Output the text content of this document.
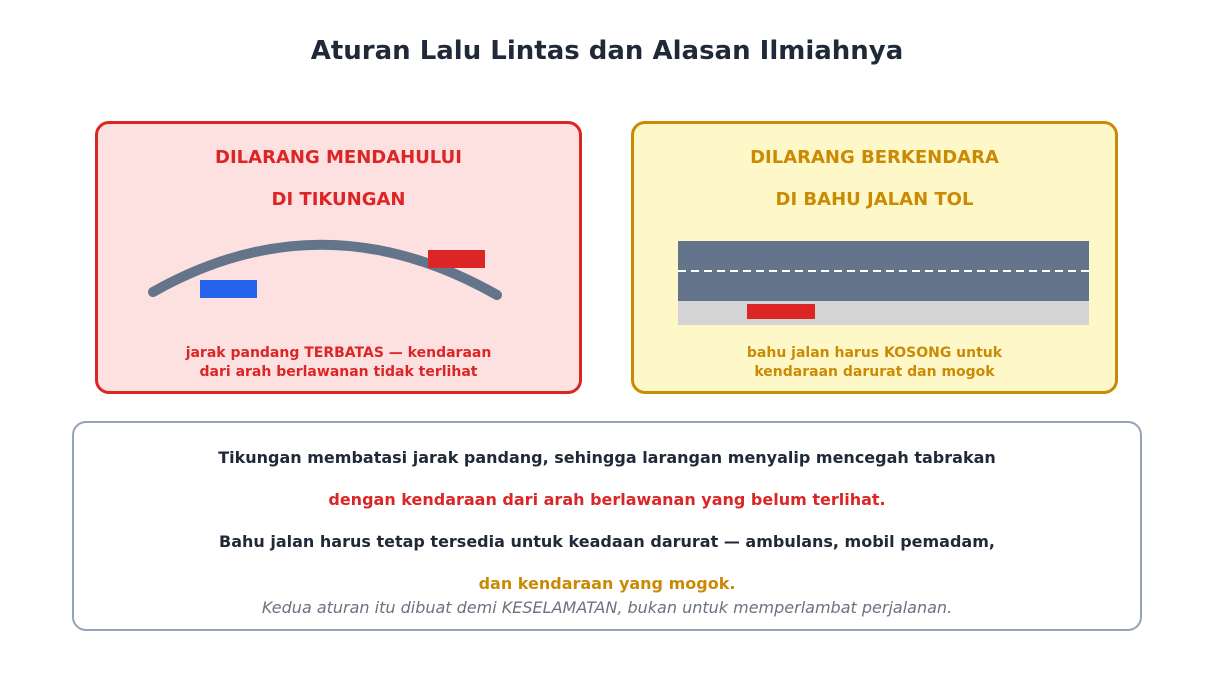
Aturan Lalu Lintas dan Alasan Ilmiahnya
DILARANG MENDAHULUI
DI TIKUNGAN
jarak pandang TERBATAS — kendaraan
dari arah berlawanan tidak terlihat
DILARANG BERKENDARA
DI BAHU JALAN TOL
bahu jalan harus KOSONG untuk
kendaraan darurat dan mogok
Tikungan membatasi jarak pandang, sehingga larangan menyalip mencegah tabrakan
dengan kendaraan dari arah berlawanan yang belum terlihat.
Bahu jalan harus tetap tersedia untuk keadaan darurat — ambulans, mobil pemadam,
dan kendaraan yang mogok.
Kedua aturan itu dibuat demi KESELAMATAN, bukan untuk memperlambat perjalanan.
